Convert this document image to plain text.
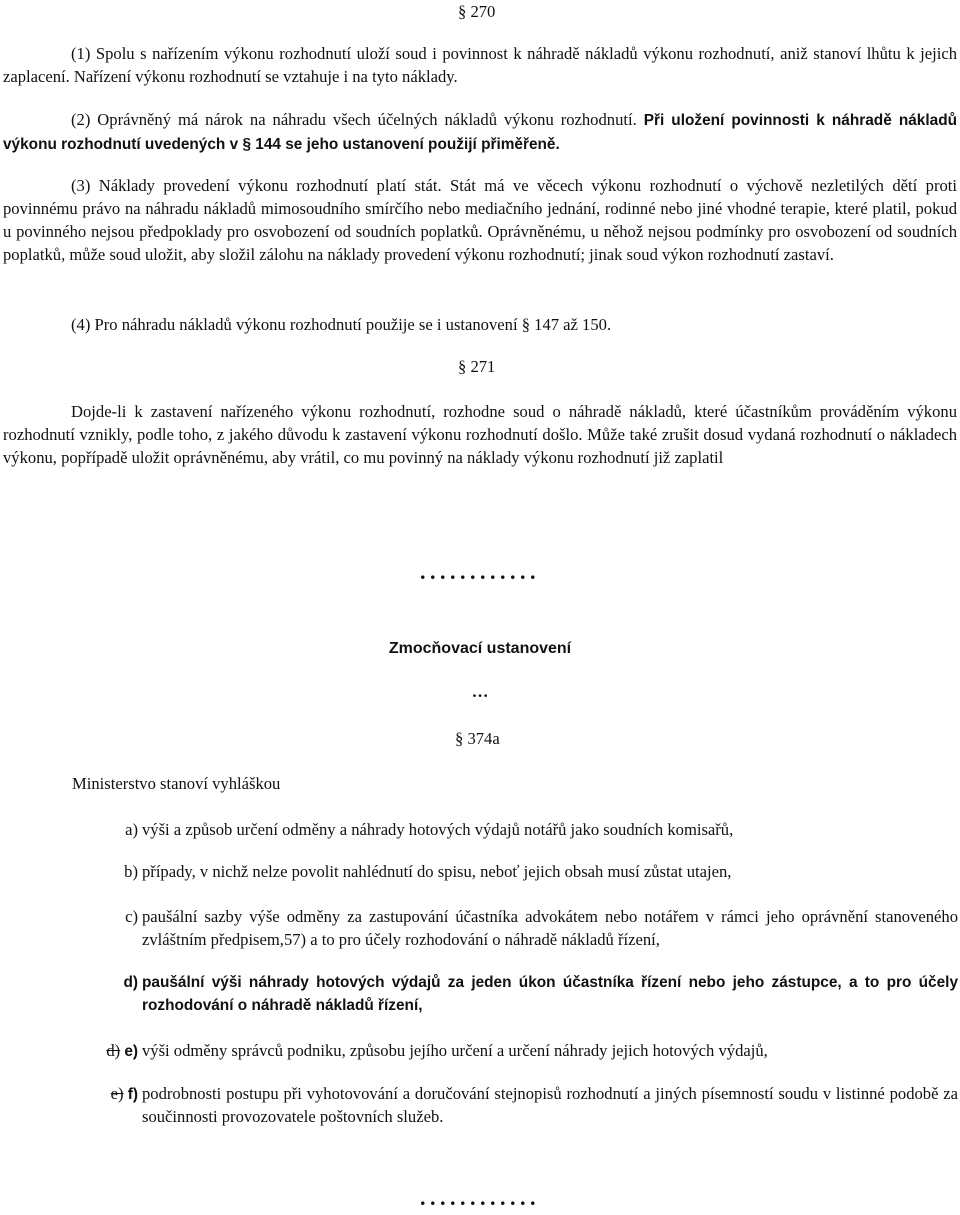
§ 270

(1) Spolu s nařízením výkonu rozhodnutí uloží soud i povinnost k náhradě nákladů výkonu rozhodnutí, aniž stanoví lhůtu k jejich zaplacení. Nařízení výkonu rozhodnutí se vztahuje i na tyto náklady.

(2) Oprávněný má nárok na náhradu všech účelných nákladů výkonu rozhodnutí. Při uložení povinnosti k náhradě nákladů výkonu rozhodnutí uvedených v § 144 se jeho ustanovení použijí přiměřeně.

(3) Náklady provedení výkonu rozhodnutí platí stát. Stát má ve věcech výkonu rozhodnutí o výchově nezletilých dětí proti povinnému právo na náhradu nákladů mimosoudního smírčího nebo mediačního jednání, rodinné nebo jiné vhodné terapie, které platil, pokud u povinného nejsou předpoklady pro osvobození od soudních poplatků. Oprávněnému, u něhož nejsou podmínky pro osvobození od soudních poplatků, může soud uložit, aby složil zálohu na náklady provedení výkonu rozhodnutí; jinak soud výkon rozhodnutí zastaví.

(4) Pro náhradu nákladů výkonu rozhodnutí použije se i ustanovení § 147 až 150.

§ 271

Dojde-li k zastavení nařízeného výkonu rozhodnutí, rozhodne soud o náhradě nákladů, které účastníkům prováděním výkonu rozhodnutí vznikly, podle toho, z jakého důvodu k zastavení výkonu rozhodnutí došlo. Může také zrušit dosud vydaná rozhodnutí o nákladech výkonu, popřípadě uložit oprávněnému, aby vrátil, co mu povinný na náklady výkonu rozhodnutí již zaplatil

............
Zmocňovací ustanovení
…
§ 374a
Ministerstvo stanoví vyhláškou
a) výši a způsob určení odměny a náhrady hotových výdajů notářů jako soudních komisařů,
b) případy, v nichž nelze povolit nahlédnutí do spisu, neboť jejich obsah musí zůstat utajen,
c) paušální sazby výše odměny za zastupování účastníka advokátem nebo notářem v rámci jeho oprávnění stanoveného zvláštním předpisem,57) a to pro účely rozhodování o náhradě nákladů řízení,
d) paušální výši náhrady hotových výdajů za jeden úkon účastníka řízení nebo jeho zástupce, a to pro účely rozhodování o náhradě nákladů řízení,
d) e) výši odměny správců podniku, způsobu jejího určení a určení náhrady jejich hotových výdajů,
e) f) podrobnosti postupu při vyhotovování a doručování stejnopisů rozhodnutí a jiných písemností soudu v listinné podobě za součinnosti provozovatele poštovních služeb.
............
